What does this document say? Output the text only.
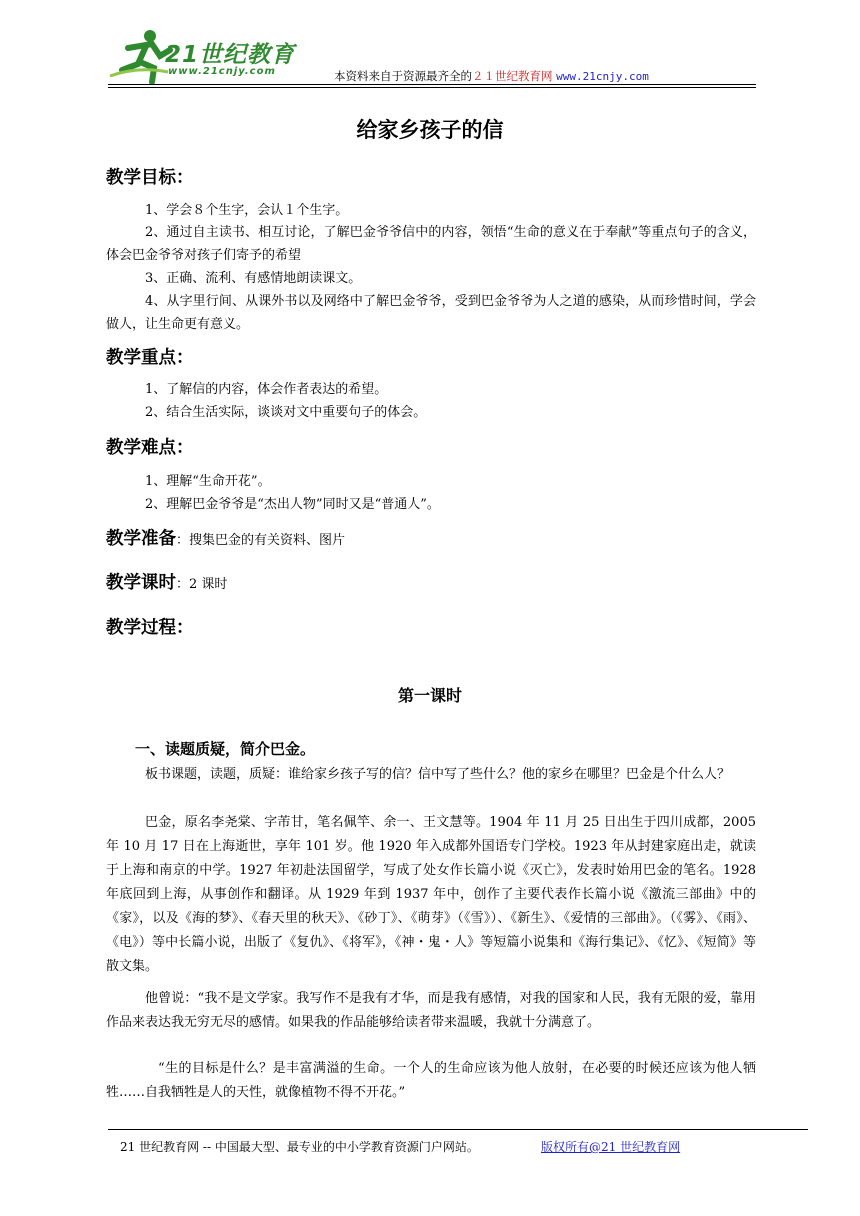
21世纪教育
www.21cnjy.com	本资料来自于资源最齐全的２１世纪教育网 www.21cnjy.com
给家乡孩子的信
教学目标：
1、学会８个生字，会认１个生字。
2、通过自主读书、相互讨论，了解巴金爷爷信中的内容，领悟“生命的意义在于奉献”等重点句子的含义，体会巴金爷爷对孩子们寄予的希望
3、正确、流利、有感情地朗读课文。
4、从字里行间、从课外书以及网络中了解巴金爷爷，受到巴金爷爷为人之道的感染，从而珍惜时间，学会做人，让生命更有意义。
教学重点：
1、了解信的内容，体会作者表达的希望。
2、结合生活实际，谈谈对文中重要句子的体会。
教学难点：
1、理解“生命开花”。
2、理解巴金爷爷是“杰出人物”同时又是“普通人”。
教学准备：搜集巴金的有关资料、图片
教学课时：2 课时
教学过程：
第一课时
一、读题质疑，简介巴金。
板书课题，读题，质疑：谁给家乡孩子写的信？信中写了些什么？他的家乡在哪里？巴金是个什么人？
巴金，原名李尧棠、字芾甘，笔名佩竿、余一、王文慧等。1904 年 11 月 25 日出生于四川成都，2005 年 10 月 17 日在上海逝世，享年 101 岁。他 1920 年入成都外国语专门学校。1923 年从封建家庭出走，就读于上海和南京的中学。1927 年初赴法国留学，写成了处女作长篇小说《灭亡》，发表时始用巴金的笔名。1928 年底回到上海，从事创作和翻译。从 1929 年到 1937 年中，创作了主要代表作长篇小说《激流三部曲》中的《家》，以及《海的梦》、《春天里的秋天》、《砂丁》、《萌芽》（《雪》）、《新生》、《爱情的三部曲》。（《雾》、《雨》、《电》）等中长篇小说，出版了《复仇》、《将军》，《神・鬼・人》等短篇小说集和《海行集记》、《忆》、《短简》等散文集。
他曾说：“我不是文学家。我写作不是我有才华，而是我有感情，对我的国家和人民，我有无限的爱，靠用作品来表达我无穷无尽的感情。如果我的作品能够给读者带来温暖，我就十分满意了。
“生的目标是什么？是丰富满溢的生命。一个人的生命应该为他人放射，在必要的时候还应该为他人牺牲……自我牺牲是人的天性，就像植物不得不开花。”
21 世纪教育网 -- 中国最大型、最专业的中小学教育资源门户网站。	版权所有@21 世纪教育网
